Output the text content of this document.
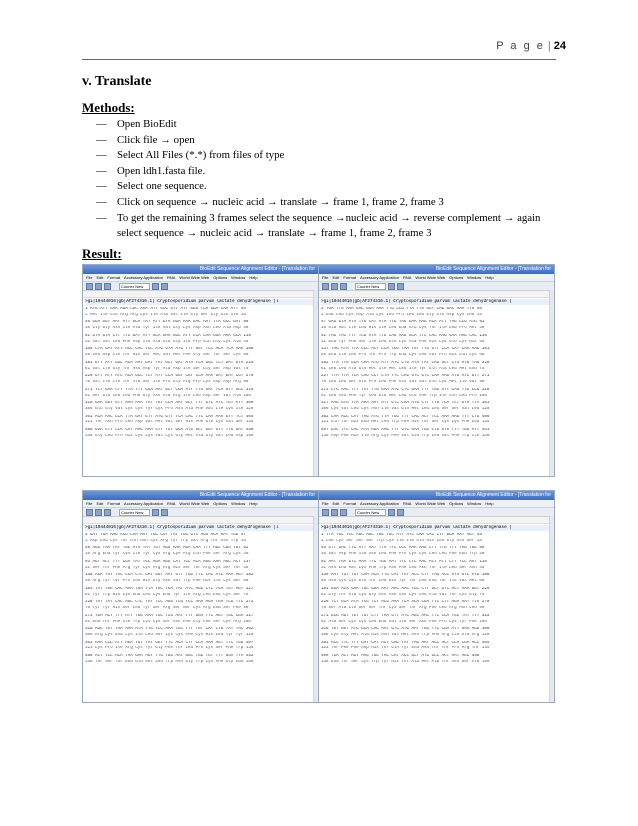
P a g e | 24
v. Translate
Methods:
— Open BioEdit
— Click file → open
— Select All Files (*.*) from files of type
— Open ldh1.fasta file.
— Select one sequence.
— Click on sequence → nucleic acid → translate → frame 1, frame 2, frame 3
— To get the remaining 3 frames select the sequence →nucleic acid → reverse complement → again select sequence → nucleic acid → translate → frame 1, frame 2, frame 3
Result:
BioEdit Sequence Alignment Editor - [Translation for
File Edit Format Accessory Application RNA World Wide Web Options Window Help
Courier New
>gi|10444016|gb|AF274310.1| Cryptosporidium parvum lactate dehydrogenase (l
1 ATG ATT GAA AGA CGC AAA ATT GCC GTT ATT GGG TCA GGA CAA ATT 45
1 Met Ile Glu Arg Arg Lys Ile Ala Val Ile Gly Ser Gly Gln Ile 15
46 GGA GGT AAT ATT GCA TAT ATT GTA GGA AAA GAC AAT TTA GCC GAT 90
16 Gly Gly Asn Ile Ala Tyr Ile Val Gly Lys Asp Asn Leu Ala Asp 30
91 GTA GTA CTT TTC GAT ATT GCA GAA GGC ATT CCA CAA GGA AAA GCA 135
31 Val Val Leu Phe Asp Ile Ala Glu Gly Ile Pro Gln Gly Lys Ala 45
136 CTA GAT ATT ACC CAC TCC ATG GTA ATG TTT GGT TCC ACA TCA AAA 180
46 Leu Asp Ile Thr His Ser Met Val Met Phe Gly Ser Thr Ser Lys 60
181 GTT ATT GGC ACA AAT GAT TAT GCT GAT ATA TCA GGC TCT GAT GTA 225
61 Val Ile Gly Thr Asn Asp Tyr Ala Asp Ile Ser Gly Ser Asp Val 75
226 GTT ATT ATC ACA GCC TCT ATT CCA GGT CGT CCA AAA GAT GAT CGT 270
76 Val Ile Ile Thr Ala Ser Ile Pro Gly Arg Pro Lys Asp Asp Arg 90
271 TCT GAA CTT TTA TTT GGA AAT GCT CGA ATT TTG GAT TCA GTT GCC 315
91 Ser Glu Leu Leu Phe Gly Asn Ala Arg Ile Leu Asp Ser Val Ala 105
316 GAA GGT GTT AAA AAA TAT TGT CCA AAT GCT TTT GTC ATC TGT ATT 360
106 Glu Gly Val Lys Lys Tyr Cys Pro Asn Ala Phe Val Ile Cys Ile 120
361 ACA AAC CCA TTA GAT GTT ATG GTT TCA CAC TTC CAA AAA GTT TCT 405
121 Thr Asn Pro Leu Asp Val Met Val Ser His Phe Gln Lys Val Ser 135
406 GGA CTT CCA CAT AAG AAA GTT TGT GGA ATG GCT GGT GTT TTG GAT 450
136 Gly Leu Pro His Lys Lys Val Cys Gly Met Ala Gly Val Leu Asp 150
BioEdit Sequence Alignment Editor - [Translation for
File Edit Format Accessory Application RNA World Wide Web Options Window Help
Courier New
>gi|10444016|gb|AF274310.1| Cryptosporidium parvum lactate dehydrogenase (
2 TGA TTG AAA GAC GCA AAA TTG CCG TTA TTG GGT CAG GAC AAA TTG 46
1 End Leu Lys Asp Ala Lys Leu Pro Leu Leu Gly Gln Asp Lys Leu 15
47 GAG GTA ATA TTG CAT ATA TTG TAG GAA AAG ACA ATT TAG CCG ATG 91
16 Glu Val Ile Leu His Ile Leu End Glu Lys Thr Ile End Pro Met 30
92 TAG TAC TTT TCG ATA TTG CAG AAG GCA TTC CAC AAG GAA AAG CAC 136
31 End Tyr Phe Ser Ile Leu Gln Lys Ala Phe His Lys Glu Lys His 45
137 TAG ATA TTA CCC ACT CCA TGG TAA TGT TTG GTT CCA CAT CAA AAG 181
46 End Ile Leu Pro Thr Pro Trp End Cys Leu Val Pro His Gln Lys 60
182 TTA TTG GCA CAA ATG ATT ATG CTG ATA TAT CAG GCT CTG ATG TAG 226
61 Leu Leu Ala Gln Met Ile Met Leu Ile Tyr Gln Ala Leu Met End 75
227 TTA TTA TCA CAG CCT CTA TTC CAG GTC GTC CAA AAG ATG ATC GTT 271
76 Leu Leu Ser Gln Pro Leu Phe Gln Val Val Gln Lys Met Ile Val 90
272 CTG AAC TTT TAT TTG GAA ATG CTC GAA TTT TGG ATT CAG TTG CCG 316
91 Leu Asn Phe Tyr Leu Glu Met Leu Glu Phe Trp Ile Gln Leu Pro 105
317 AAG GTG TTA AAA AAT ATT GTC CAA ATG CTT TTG TCA TCT GTA TTA 361
106 Lys Val Leu Lys Asn Ile Val Gln Met Leu Leu Ser Ser Val Leu 120
362 CAA ACC CAT TAG ATG TTA TGG TTT CAC ACT TCC AAA AAG TTT CTG 406
121 Gln Thr His End Met Leu Trp Phe His Thr Ser Lys Lys Phe Leu 135
407 GAC TTC CAC ATA AGA AAG TTT GTG GAA TGG CTG GTG TTT TGG ATT 451
136 Asp Phe His Ile Arg Lys Phe Val Glu Trp Leu Val Phe Trp Ile 150
BioEdit Sequence Alignment Editor - [Translation for
File Edit Format Accessory Application RNA World Wide Web Options Window Help
Courier New
>gi|10444016|gb|AF274310.1| Cryptosporidium parvum lactate dehydrogenase (l
3 GAT TGA AAG ACG CAA AAT TGC CGT TAT TGG GTC AGG ACA AAT TGG 47
1 Asp End Lys Thr Gln Asn Cys Arg Tyr Trp Val Arg Thr Asn Trp 15
48 AGG TAA TAT TGC ATA TAT TGT AGG AAA AGA CAA TTT AGC CGA TGT 92
16 Arg End Tyr Cys Ile Tyr Cys Arg Lys Arg Gln Phe Ser Arg Cys 30
93 AGT ACT TTT CGA TAT TGC AGA AGG CAT TCC ACA AGG AAA AGC ACT 137
31 Ser Thr Phe Arg Tyr Cys Arg Arg His Ser Thr Arg Lys Ser Thr 45
138 AGA TAT TAC CCA CTC CAT GGT AAT GTT TGG TTC CAC ATC AAA AGT 182
46 Arg Tyr Tyr Pro Leu His Gly Asn Val Trp Phe His Ile Lys Ser 60
183 TAT TGG CAC AAA TGA TTA TGC TGA TAT ATC AGG CTC TGA TGT AGT 227
61 Tyr Trp His Lys End Leu Cys End Tyr Ile Arg Leu End Cys Ser 75
228 TAT TAT CAC AGC CTC TAT TCC AGG TCG TCC AAA AGA TGA TCG TTC 272
76 Tyr Tyr His Ser Leu Tyr Ser Arg Ser Ser Lys Arg End Ser Phe 90
273 TGA ACT TTT ATT TGG AAA TGC TCG AAT TTT GGA TTC AGT TGC CGA 317
91 End Thr Phe Ile Trp Lys Cys Ser Asn Phe Gly Phe Ser Cys Arg 105
318 AGG TGT TAA AAA ATA TTG TCC AAA TGC TTT TGT CAT CTG TAT TAC 362
106 Arg Cys End Lys Ile Leu Ser Lys Cys Phe Cys His Leu Tyr Tyr 120
363 AAA CCC ATT AGA TGT TAT GGT TTC ACA CTT CCA AAA AGT TTC TGG 407
121 Lys Pro Ile Arg Cys Tyr Gly Phe Thr Leu Pro Lys Ser Phe Trp 135
408 ACT TCC ACA TAA GAA AGT TTG TGG AAT GGC TGG TGT TTT GGA TTA 452
136 Thr Ser Thr End Glu Ser Leu Trp Asn Gly Trp Cys Phe Gly Leu 150
BioEdit Sequence Alignment Editor - [Translation for
File Edit Format Accessory Application RNA World Wide Web Options Window Help
Courier New
>gi|10444016|gb|AF274310.1| Cryptosporidium parvum lactate dehydrogenase (
1 TTA TGC TCC AGC AGC TGG TGC ATT ATC CAA CAC CTT GGA AAT AGT 45
1 Leu Cys Ser Ser Ser Trp Cys Ile Ile Gln His Leu Gly Asn Ser 15
46 GTT GAC TTC ATT AAT TTA TTC CCC AAA AAG CTT TTG TTT TAG TGG 90
16 Val Asp Phe Ile Asn Leu Phe Pro Lys Lys Leu Leu Phe End Trp 30
91 AAT TAA GTC AAA TTC TGG AAT TTC CTC AAC ACT ATT CTT TCC AAT 135
31 Asn End Val Lys Phe Trp Asn Phe Leu Asn Thr Ile Leu Ser Asn 45
136 AAT TGT TGT CAA ACA TTG CAT TAT ACC CTT TAG ACC ATA GTC ATG 180
46 Asn Cys Cys Gln Thr Leu His Tyr Thr Leu End Thr Ile Val Met 60
181 GGA ACA GAA TGC GGA AAT AAC AAC TGC CTT GCT GTC ACT AAA GGT 225
61 Gly Thr Glu Cys Gly Asn Asn Asn Cys Leu Ala Val Thr Lys Gly 75
226 TCT GCA ATA TCG TCT ACG AAA TCA ACA CGA TTC CTT AGA AAT TTG 270
76 Ser Ala Ile Ser Ser Thr Lys Ser Thr Arg Phe Leu Arg Asn Leu 90
271 GCG AGT TGT TGT CTT TAA GTT ATC AGC AAC TTC CCA TGC TAT TTT 315
91 Ala Ser Cys Cys Leu End Val Ile Ser Asn Phe Pro Cys Tyr Phe 105
316 TGT GGT ATG GCA CAC AAT GTC ATG AAT TGG TTC CGA ATT GAA AGG 360
106 Cys Gly Met Ala His Asn Val Met Asn Trp Phe Arg Ile Glu Arg 120
361 ACC TTC TTT GAT CAT ACT CAG TAT TAG AAT ACC ACT CCA CGA ACC 405
121 Thr Phe Phe Asp His Thr Gln Tyr End Asn Thr Thr Pro Arg Thr 135
406 TGA ACT AGT AAG TGG TAC CAT ACC GCT ATG GCC ACT AAT AGC 450
136 End Thr Ser Lys Trp Tyr His Thr Ala Met Ala Thr Asn Ser Ala 150
